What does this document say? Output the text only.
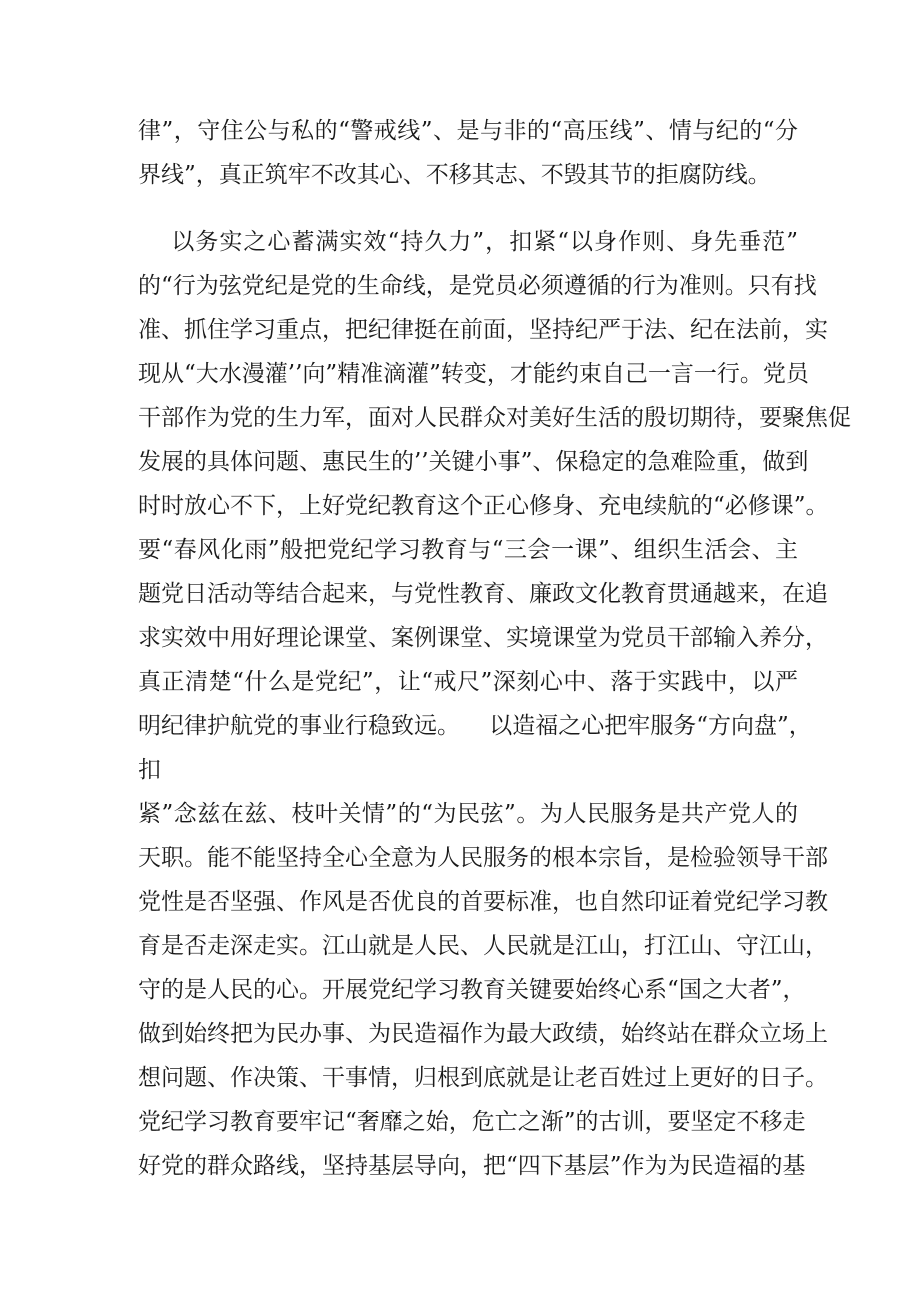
律”，守住公与私的“警戒线”、是与非的“高压线”、情与纪的“分
界线”，真正筑牢不改其心、不移其志、不毁其节的拒腐防线。
以务实之心蓄满实效“持久力”，扣紧“以身作则、身先垂范”
的“行为弦党纪是党的生命线，是党员必须遵循的行为准则。只有找
准、抓住学习重点，把纪律挺在前面，坚持纪严于法、纪在法前，实
现从“大水漫灌’’向”精准滴灌”转变，才能约束自己一言一行。党员
干部作为党的生力军，面对人民群众对美好生活的殷切期待，要聚焦促
发展的具体问题、惠民生的’’关键小事”、保稳定的急难险重，做到
时时放心不下，上好党纪教育这个正心修身、充电续航的“必修课”。
要“春风化雨”般把党纪学习教育与“三会一课”、组织生活会、主
题党日活动等结合起来，与党性教育、廉政文化教育贯通越来，在追
求实效中用好理论课堂、案例课堂、实境课堂为党员干部输入养分，
真正清楚“什么是党纪”，让“戒尺”深刻心中、落于实践中，以严
明纪律护航党的事业行稳致远。    以造福之心把牢服务“方向盘”，
扣
紧”念兹在兹、枝叶关情”的“为民弦”。为人民服务是共产党人的
天职。能不能坚持全心全意为人民服务的根本宗旨，是检验领导干部
党性是否坚强、作风是否优良的首要标准，也自然印证着党纪学习教
育是否走深走实。江山就是人民、人民就是江山，打江山、守江山，
守的是人民的心。开展党纪学习教育关键要始终心系“国之大者”，
做到始终把为民办事、为民造福作为最大政绩，始终站在群众立场上
想问题、作决策、干事情，归根到底就是让老百姓过上更好的日子。
党纪学习教育要牢记“奢靡之始，危亡之渐”的古训，要坚定不移走
好党的群众路线，坚持基层导向，把“四下基层”作为为民造福的基
